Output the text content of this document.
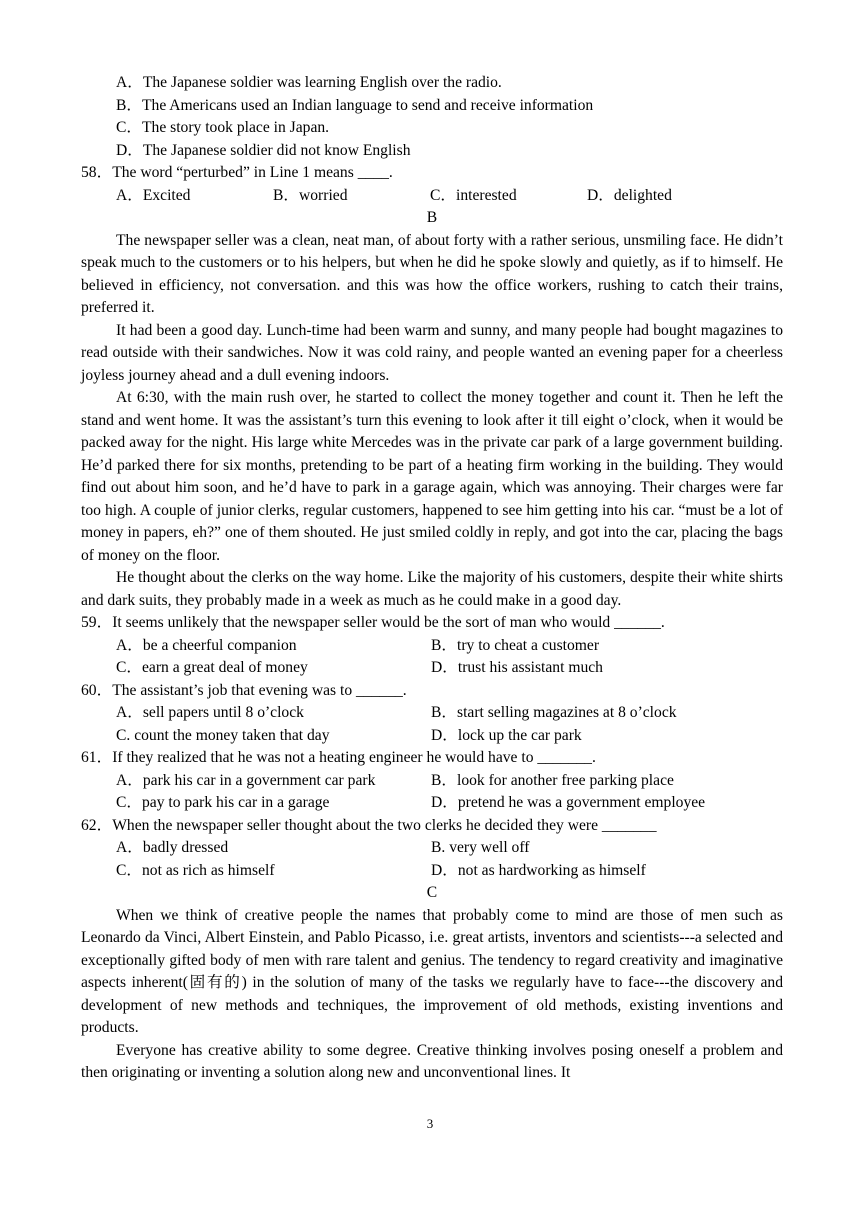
A．The Japanese soldier was learning English over the radio.
B．The Americans used an Indian language to send and receive information
C．The story took place in Japan.
D．The Japanese soldier did not know English
58．The word “perturbed” in Line 1 means ____.
A．Excited	B．worried	C．interested	D．delighted
B

The newspaper seller was a clean, neat man, of about forty with a rather serious, unsmiling face. He didn’t speak much to the customers or to his helpers, but when he did he spoke slowly and quietly, as if to himself. He believed in efficiency, not conversation. and this was how the office workers, rushing to catch their trains, preferred it.

It had been a good day. Lunch-time had been warm and sunny, and many people had bought magazines to read outside with their sandwiches. Now it was cold rainy, and people wanted an evening paper for a cheerless joyless journey ahead and a dull evening indoors.

At 6:30, with the main rush over, he started to collect the money together and count it. Then he left the stand and went home. It was the assistant’s turn this evening to look after it till eight o’clock, when it would be packed away for the night. His large white Mercedes was in the private car park of a large government building. He’d parked there for six months, pretending to be part of a heating firm working in the building. They would find out about him soon, and he’d have to park in a garage again, which was annoying. Their charges were far too high. A couple of junior clerks, regular customers, happened to see him getting into his car. “must be a lot of money in papers, eh?” one of them shouted. He just smiled coldly in reply, and got into the car, placing the bags of money on the floor.

He thought about the clerks on the way home. Like the majority of his customers, despite their white shirts and dark suits, they probably made in a week as much as he could make in a good day.

59．It seems unlikely that the newspaper seller would be the sort of man who would ______.
A．be a cheerful companion	B．try to cheat a customer
C．earn a great deal of money	D．trust his assistant much
60．The assistant’s job that evening was to ______.
A．sell papers until 8 o’clock	B．start selling magazines at 8 o’clock
C. count the money taken that day	D．lock up the car park
61．If they realized that he was not a heating engineer he would have to _______.
A．park his car in a government car park	B．look for another free parking place
C．pay to park his car in a garage	D．pretend he was a government employee
62．When the newspaper seller thought about the two clerks he decided they were _______
A．badly dressed	B. very well off
C．not as rich as himself	D．not as hardworking as himself
C

When we think of creative people the names that probably come to mind are those of men such as Leonardo da Vinci, Albert Einstein, and Pablo Picasso, i.e. great artists, inventors and scientists---a selected and exceptionally gifted body of men with rare talent and genius. The tendency to regard creativity and imaginative aspects inherent(固有的) in the solution of many of the tasks we regularly have to face---the discovery and development of new methods and techniques, the improvement of old methods, existing inventions and products.

Everyone has creative ability to some degree. Creative thinking involves posing oneself a problem and then originating or inventing a solution along new and unconventional lines. It

3
